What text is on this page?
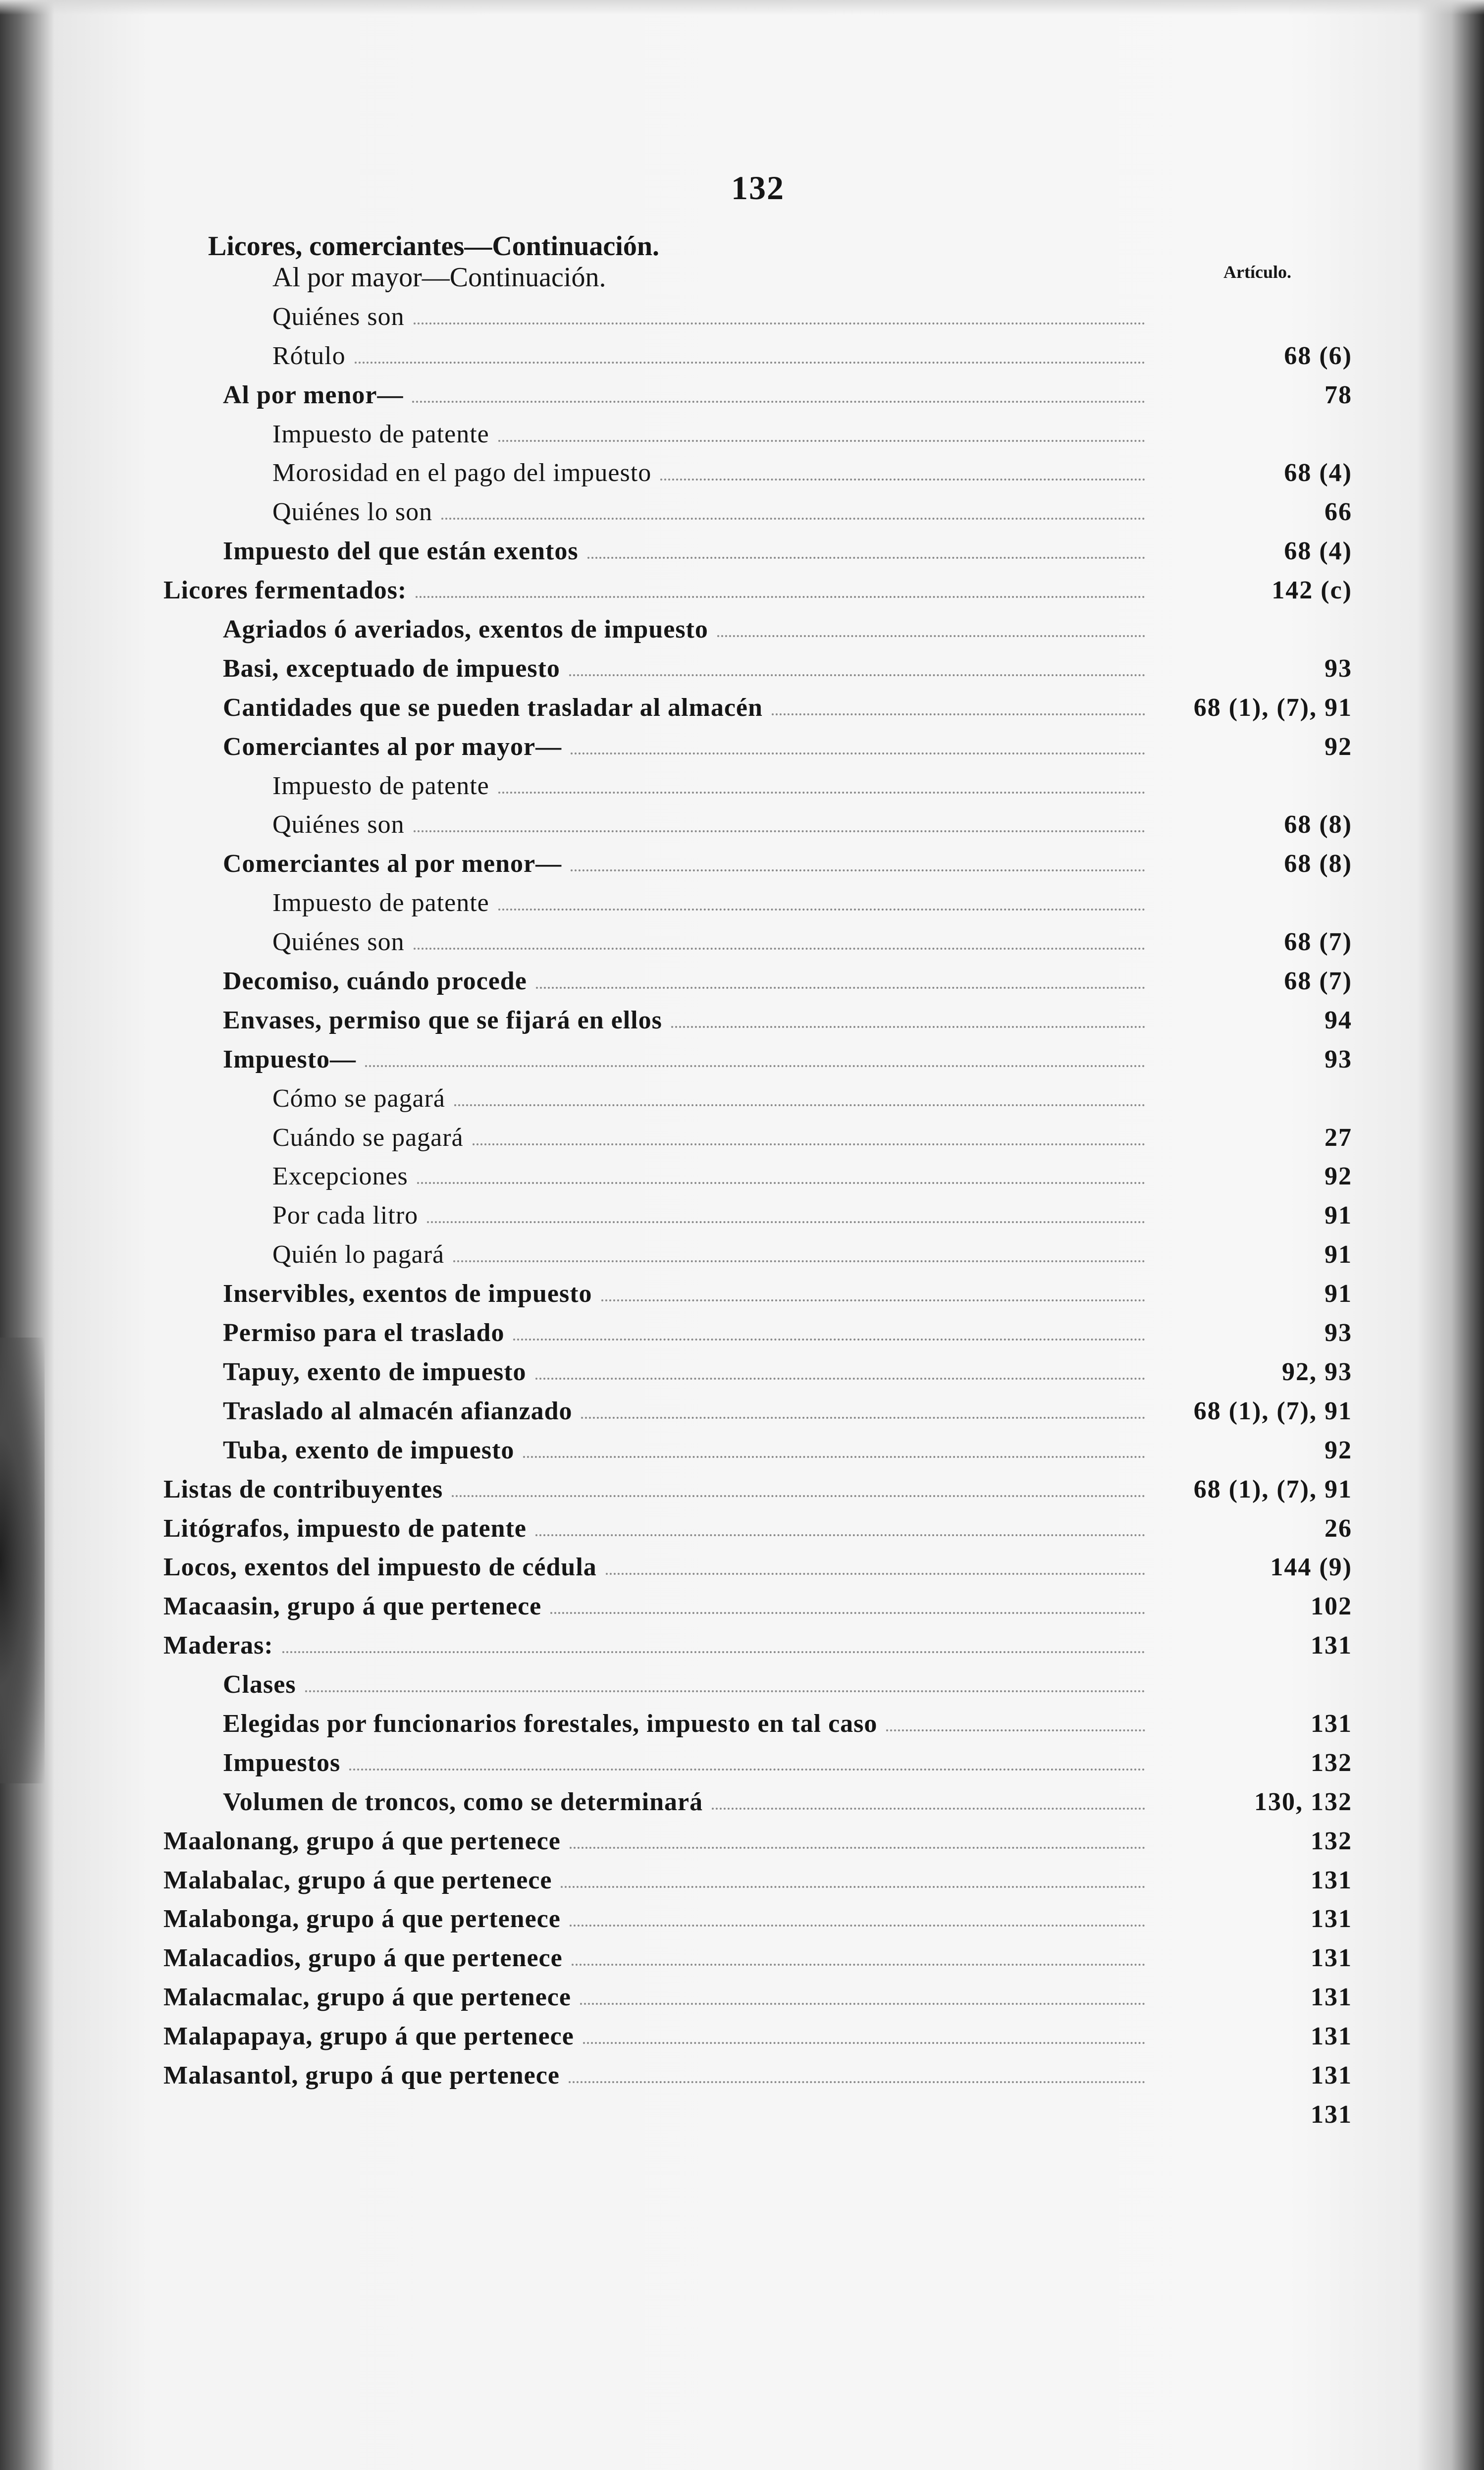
132
Licores, comerciantes—Continuación.
Al por mayor—Continuación.	Artículo.
Quiénes son
Rótulo	68 (6)
Al por menor—	78
Impuesto de patente
Morosidad en el pago del impuesto	68 (4)
Quiénes lo son	66
Impuesto del que están exentos	68 (4)
Licores fermentados:	142 (c)
Agriados ó averiados, exentos de impuesto
Basi, exceptuado de impuesto	93
Cantidades que se pueden trasladar al almacén	68 (1), (7), 91
Comerciantes al por mayor—	92
Impuesto de patente
Quiénes son	68 (8)
Comerciantes al por menor—	68 (8)
Impuesto de patente
Quiénes son	68 (7)
Decomiso, cuándo procede	68 (7)
Envases, permiso que se fijará en ellos	94
Impuesto—	93
Cómo se pagará
Cuándo se pagará	27
Excepciones	92
Por cada litro	91
Quién lo pagará	91
Inservibles, exentos de impuesto	91
Permiso para el traslado	93
Tapuy, exento de impuesto	92, 93
Traslado al almacén afianzado	68 (1), (7), 91
Tuba, exento de impuesto	92
Listas de contribuyentes	68 (1), (7), 91
Litógrafos, impuesto de patente	26
Locos, exentos del impuesto de cédula	144 (9)
Macaasin, grupo á que pertenece	102
Maderas:	131
Clases
Elegidas por funcionarios forestales, impuesto en tal caso	131
Impuestos	132
Volumen de troncos, como se determinará	130, 132
Maalonang, grupo á que pertenece	132
Malabalac, grupo á que pertenece	131
Malabonga, grupo á que pertenece	131
Malacadios, grupo á que pertenece	131
Malacmalac, grupo á que pertenece	131
Malapapaya, grupo á que pertenece	131
Malasantol, grupo á que pertenece	131
131
